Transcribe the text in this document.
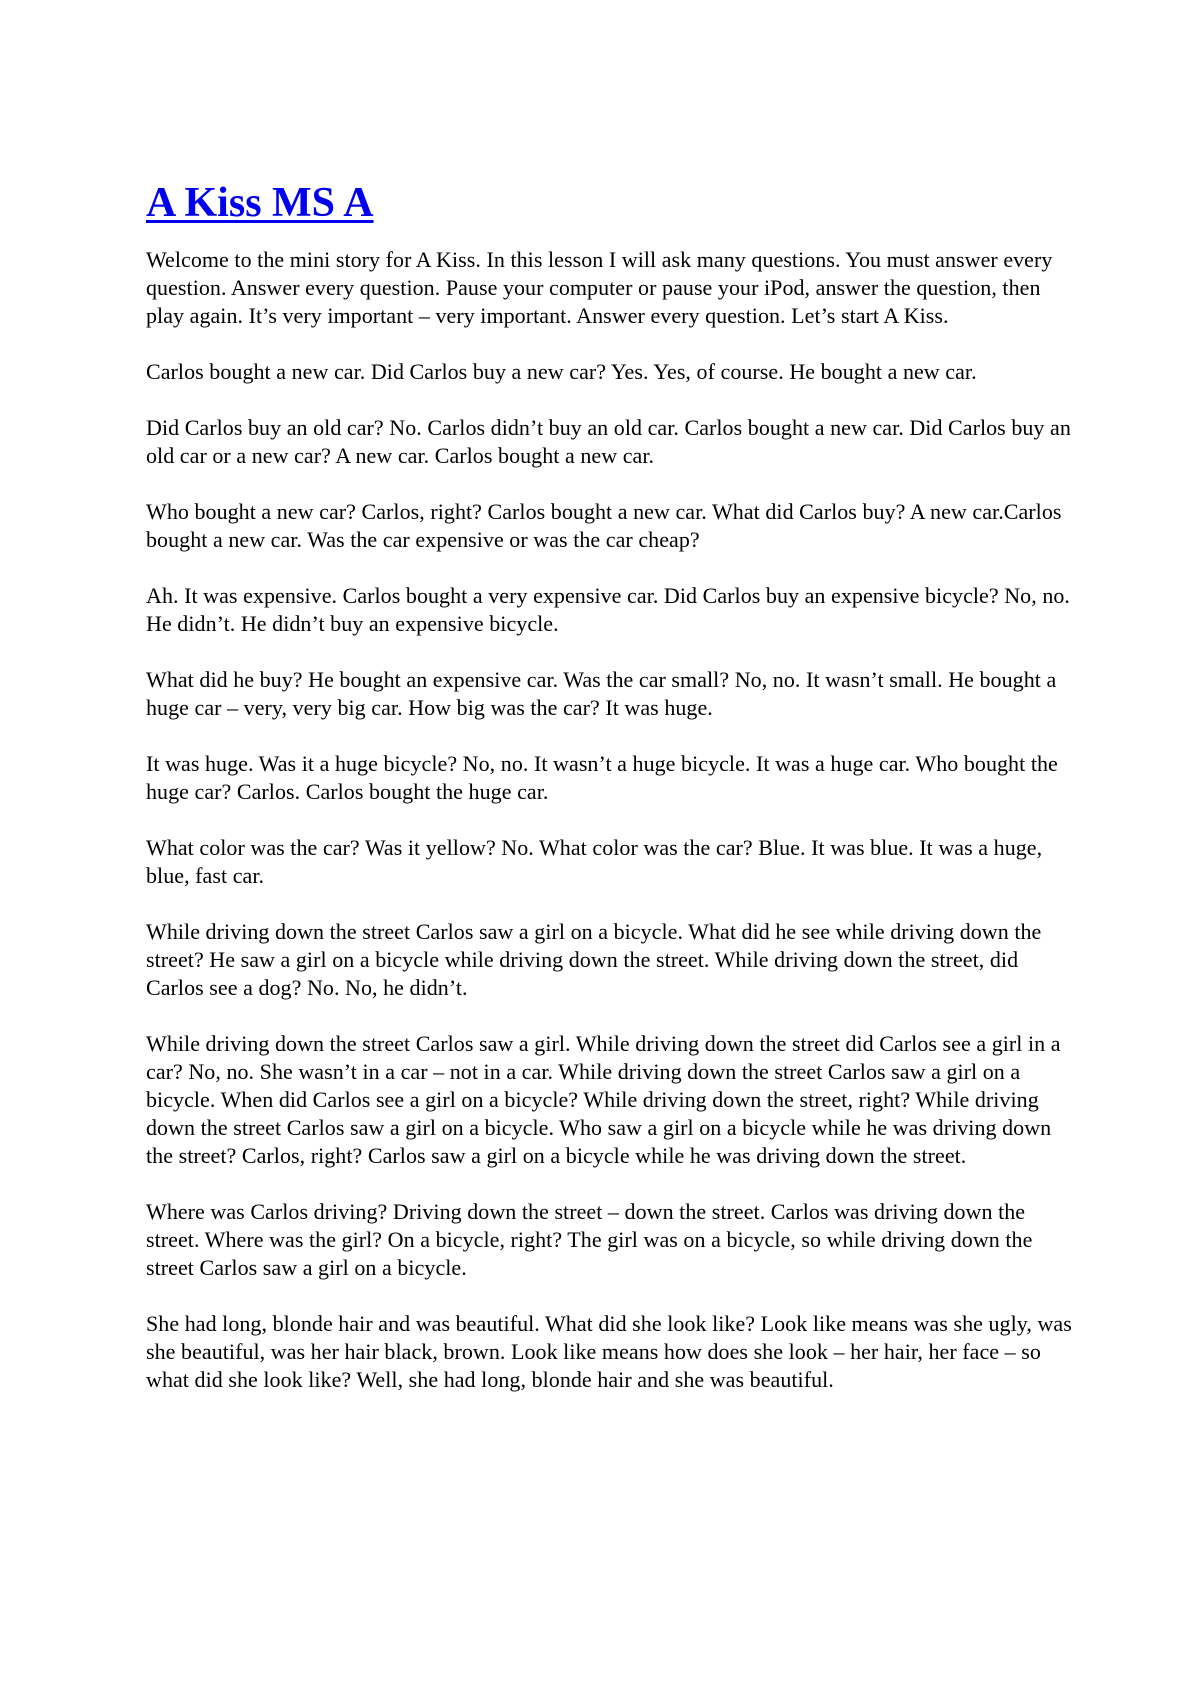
A Kiss MS A

Welcome to the mini story for A Kiss. In this lesson I will ask many questions. You must answer every question. Answer every question. Pause your computer or pause your iPod, answer the question, then play again. It’s very important – very important. Answer every question. Let’s start A Kiss.

Carlos bought a new car. Did Carlos buy a new car? Yes. Yes, of course. He bought a new car.

Did Carlos buy an old car? No. Carlos didn’t buy an old car. Carlos bought a new car. Did Carlos buy an old car or a new car? A new car. Carlos bought a new car.

Who bought a new car? Carlos, right? Carlos bought a new car. What did Carlos buy? A new car.Carlos bought a new car. Was the car expensive or was the car cheap?

Ah. It was expensive. Carlos bought a very expensive car. Did Carlos buy an expensive bicycle? No, no. He didn’t. He didn’t buy an expensive bicycle.

What did he buy? He bought an expensive car. Was the car small? No, no. It wasn’t small. He bought a huge car – very, very big car. How big was the car? It was huge.

It was huge. Was it a huge bicycle? No, no. It wasn’t a huge bicycle. It was a huge car. Who bought the huge car? Carlos. Carlos bought the huge car.

What color was the car? Was it yellow? No. What color was the car? Blue. It was blue. It was a huge, blue, fast car.

While driving down the street Carlos saw a girl on a bicycle. What did he see while driving down the street? He saw a girl on a bicycle while driving down the street. While driving down the street, did Carlos see a dog? No. No, he didn’t.

While driving down the street Carlos saw a girl. While driving down the street did Carlos see a girl in a car? No, no. She wasn’t in a car – not in a car. While driving down the street Carlos saw a girl on a bicycle. When did Carlos see a girl on a bicycle? While driving down the street, right? While driving down the street Carlos saw a girl on a bicycle. Who saw a girl on a bicycle while he was driving down the street? Carlos, right? Carlos saw a girl on a bicycle while he was driving down the street.

Where was Carlos driving? Driving down the street – down the street. Carlos was driving down the street. Where was the girl? On a bicycle, right? The girl was on a bicycle, so while driving down the street Carlos saw a girl on a bicycle.

She had long, blonde hair and was beautiful. What did she look like? Look like means was she ugly, was she beautiful, was her hair black, brown. Look like means how does she look – her hair, her face – so what did she look like? Well, she had long, blonde hair and she was beautiful.
